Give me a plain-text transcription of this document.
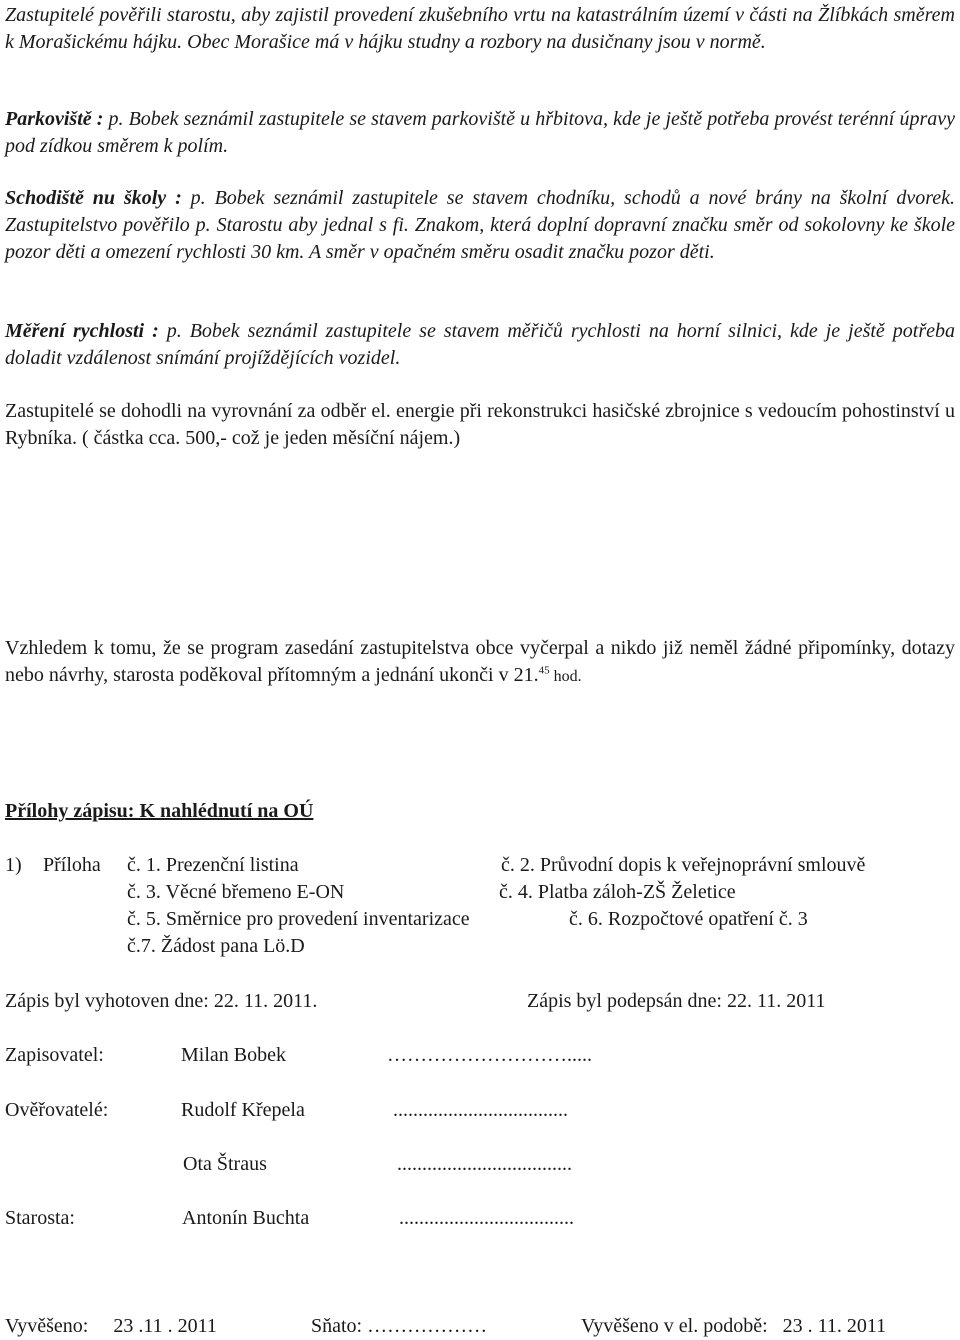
Zastupitelé pověřili starostu, aby zajistil provedení zkušebního vrtu na katastrálním území v části na Žlíbkách směrem k Morašickému hájku. Obec Morašice má v hájku studny a rozbory na dusičnany jsou v normě.

Parkoviště : p. Bobek seznámil zastupitele se stavem parkoviště u hřbitova, kde je ještě potřeba provést terénní úpravy pod zídkou směrem k polím.

Schodiště nu školy : p. Bobek seznámil zastupitele se stavem chodníku, schodů a nové brány na školní dvorek. Zastupitelstvo pověřilo p. Starostu aby jednal s fi. Znakom, která doplní dopravní značku směr od sokolovny ke škole pozor děti a omezení rychlosti 30 km. A směr v opačném směru osadit značku pozor děti.

Měření rychlosti : p. Bobek seznámil zastupitele se stavem měřičů rychlosti na horní silnici, kde je ještě potřeba doladit vzdálenost snímání projíždějících vozidel.

Zastupitelé se dohodli na vyrovnání za odběr el. energie při rekonstrukci hasičské zbrojnice s vedoucím pohostinství u Rybníka. ( částka cca. 500,- což je jeden měsíční nájem.)

Vzhledem k tomu, že se program zasedání zastupitelstva obce vyčerpal a nikdo již neměl žádné připomínky, dotazy nebo návrhy, starosta poděkoval přítomným a jednání ukonči v 21.45 hod.

Přílohy zápisu: K nahlédnutí na OÚ
1) Příloha č. 1. Prezenční listina	č. 2. Průvodní dopis k veřejnoprávní smlouvě
č. 3. Věcné břemeno E-ON	č. 4. Platba záloh-ZŠ Želetice
č. 5. Směrnice pro provedení inventarizace	č. 6. Rozpočtové opatření č. 3
č.7. Žádost pana Lö.D
Zápis byl vyhotoven dne: 22. 11. 2011.	Zápis byl podepsán dne: 22. 11. 2011
Zapisovatel:	Milan Bobek	……………………….....
Ověřovatelé:	Rudolf Křepela	...................................
Ota Štraus	...................................
Starosta:	Antonín Buchta	...................................
Vyvěšeno:     23 .11 . 2011	Sňato: ………………	Vyvěšeno v el. podobě:   23 . 11. 2011
